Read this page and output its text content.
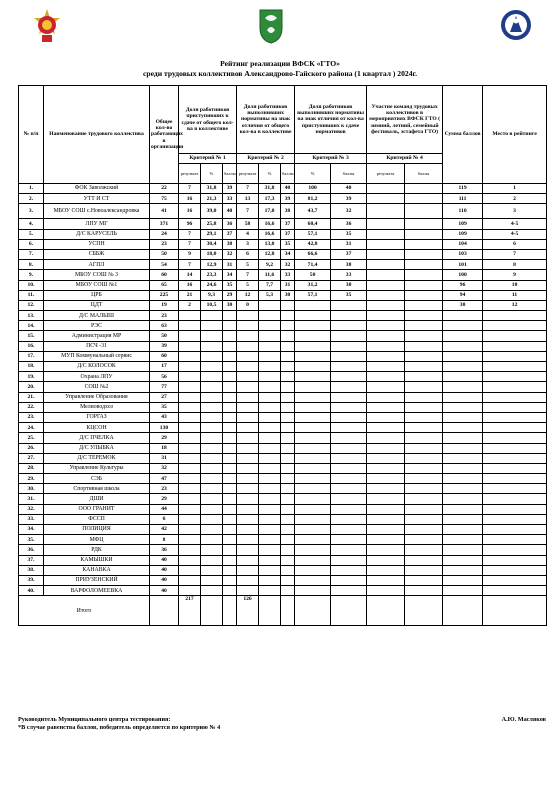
Рейтинг реализации ВФСК «ГТО»
среди трудовых коллективов Александрово-Гайского района (1 квартал ) 2024г.
№ п/п	Наименование трудового коллектива	Общее кол-во работающих в организации	Доля работников приступивших к сдаче от общего кол-ва в коллективе			Доля работников выполнивших нормативы на знак отличия от общего кол-ва в коллективе			Доля работников выполнивших нормативы на знак отличия от кол-ва приступивших к сдаче нормативов		Участие команд трудовых коллективов в мероприятиях ВФСК ГТО ( зимний, летний, семейный фестиваль, эстафета ГТО)		Сумма баллов	Место в рейтинге
			Критерий № 1			Критерий № 2			Критерий № 3		Критерий № 4			
			результат	%	баллы	результат	%	баллы	%	баллы	результат	баллы		
1.	ФОК Заволжский	22	7	31,8	39	7	31,8	40	100	40			119	1
2.	УТТ И СТ	75	16	21,3	33	13	17,3	39	81,2	39			111	2
3.	МБОУ СОШ с.Новоалександровка	41	16	39,0	40	7	17,0	38	43,7	32			110	3
4.	ЛПУ МГ	371	96	25,8	36	58	16,6	37	60,4	36			109	4-5
5.	Д/С КАРУСЕЛЬ	24	7	29,1	37	4	16,6	37	57,1	35			109	4-5
6.	УСПН	23	7	30,4	38	3	13,0	35	42,8	31			104	6
7.	СББЖ	50	9	18,0	32	6	12,0	34	66,6	37			103	7
8.	АГПЛ	54	7	12,9	31	5	9,2	32	71,4	38			101	8
9.	МБОУ СОШ № 3	60	14	23,3	34	7	11,6	33	50	33			100	9
10.	МБОУ СОШ №1	65	16	24,6	35	5	7,7	31	31,2	30			96	10
11.	ЦРБ	225	21	9,3	29	12	5,3	30	57,1	35			94	11
12.	ЦДТ	19	2	10,5	30	0							30	12
13.	Д/С МАЛЫШ	23												
14.	РЭС	63												
15.	Администрация МР	50												
16.	ПСЧ -31	39												
17.	МУП Коммунальный сервис	60												
18.	Д/С КОЛОСОК	17												
19.	Охрана ЛПУ	56												
20.	СОШ №2	77												
21.	Управление Образования	27												
22.	Мелиоводхоз	35												
23.	ГОРГАЗ	43												
24.	КЦСОН	130												
25.	Д/С ПЧЕЛКА	29												
26.	Д/С УЛЫБКА	18												
27.	Д/С ТЕРЕМОК	31												
28.	Управление Культуры	32												
29.	СЭБ	47												
30.	Спортивная школа	23												
31.	ДШИ	29												
32.	ООО ГРАНИТ	44												
33.	ФССП	6												
34.	ПОЛИЦИЯ	42												
35.	МФЦ	8												
36.	РДК	36												
37.	КАМЫШКИ	40												
38.	КАНАВКА	40												
39.	ПРИУЗЕНСКИЙ	40												
40.	ВАРФОЛОМЕЕВКА	40												
Итого			217			126								
Руководитель Муниципального центра тестирования:	А.Ю. Масляков
*В случае равенства баллов, победитель определяется по критерию № 4
